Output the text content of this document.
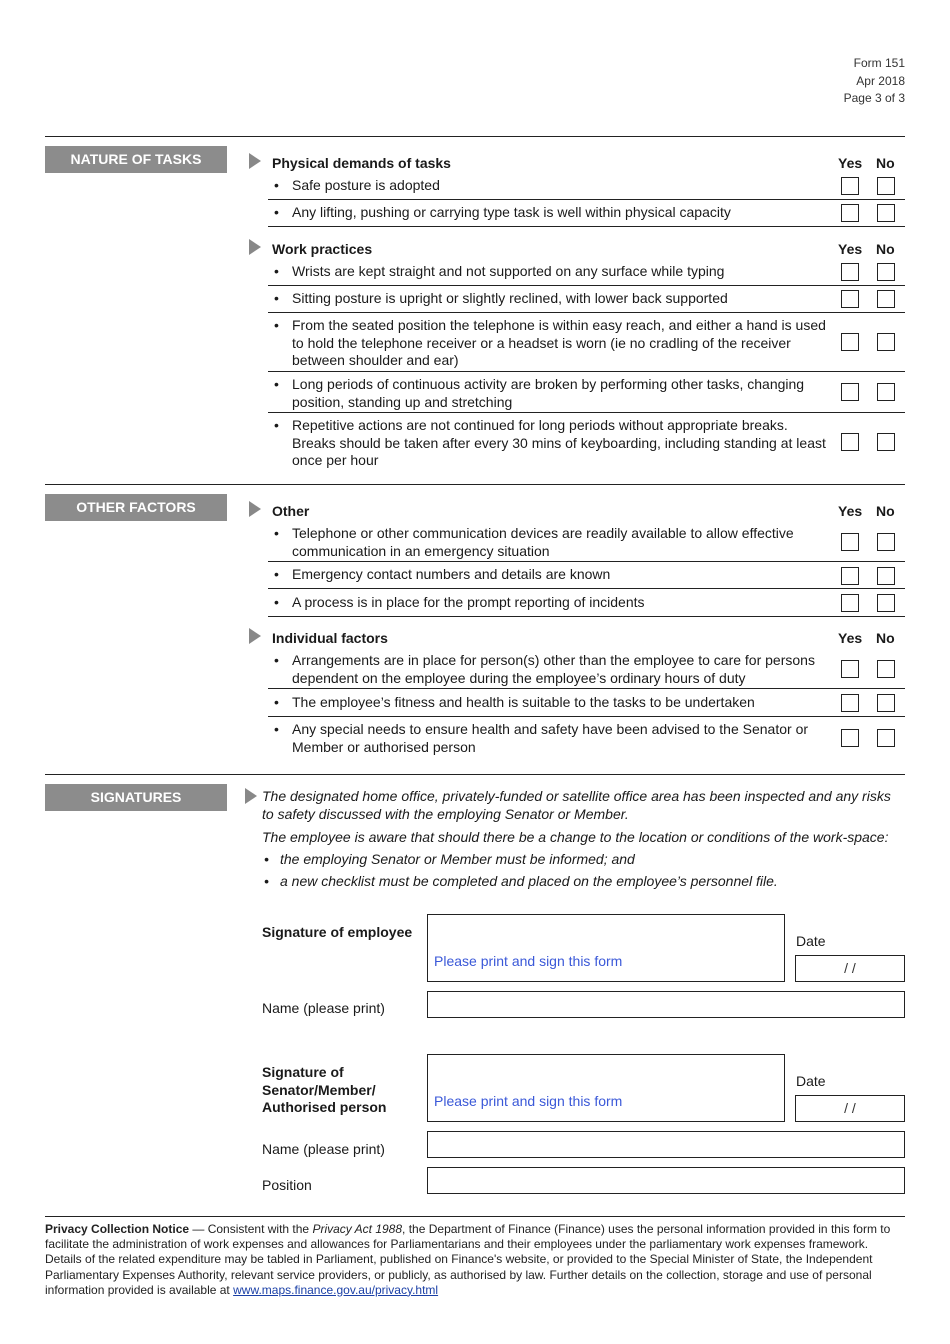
Form 151
Apr 2018
Page 3 of 3
NATURE OF TASKS	Physical demands of tasks	Yes No
• Safe posture is adopted
• Any lifting, pushing or carrying type task is well within physical capacity
Work practices	Yes No
• Wrists are kept straight and not supported on any surface while typing
• Sitting posture is upright or slightly reclined, with lower back supported
• From the seated position the telephone is within easy reach, and either a hand is used to hold the telephone receiver or a headset is worn (ie no cradling of the receiver between shoulder and ear)
• Long periods of continuous activity are broken by performing other tasks, changing position, standing up and stretching
• Repetitive actions are not continued for long periods without appropriate breaks. Breaks should be taken after every 30 mins of keyboarding, including standing at least once per hour
OTHER FACTORS	Other	Yes No
• Telephone or other communication devices are readily available to allow effective communication in an emergency situation
• Emergency contact numbers and details are known
• A process is in place for the prompt reporting of incidents
Individual factors	Yes No
• Arrangements are in place for person(s) other than the employee to care for persons dependent on the employee during the employee’s ordinary hours of duty
• The employee’s fitness and health is suitable to the tasks to be undertaken
• Any special needs to ensure health and safety have been advised to the Senator or Member or authorised person
SIGNATURES	The designated home office, privately-funded or satellite office area has been inspected and any risks to safety discussed with the employing Senator or Member.
The employee is aware that should there be a change to the location or conditions of the work-space:
• the employing Senator or Member must be informed; and
• a new checklist must be completed and placed on the employee’s personnel file.
Signature of employee
Please print and sign this form
Date
/ /
Name (please print)
Signature of
Senator/Member/
Authorised person	Please print and sign this form
Date
/ /
Name (please print)
Position
Privacy Collection Notice — Consistent with the Privacy Act 1988, the Department of Finance (Finance) uses the personal information provided in this form to facilitate the administration of work expenses and allowances for Parliamentarians and their employees under the parliamentary work expenses framework. Details of the related expenditure may be tabled in Parliament, published on Finance's website, or provided to the Special Minister of State, the Independent Parliamentary Expenses Authority, relevant service providers, or publicly, as authorised by law. Further details on the collection, storage and use of personal information provided is available at www.maps.finance.gov.au/privacy.html
